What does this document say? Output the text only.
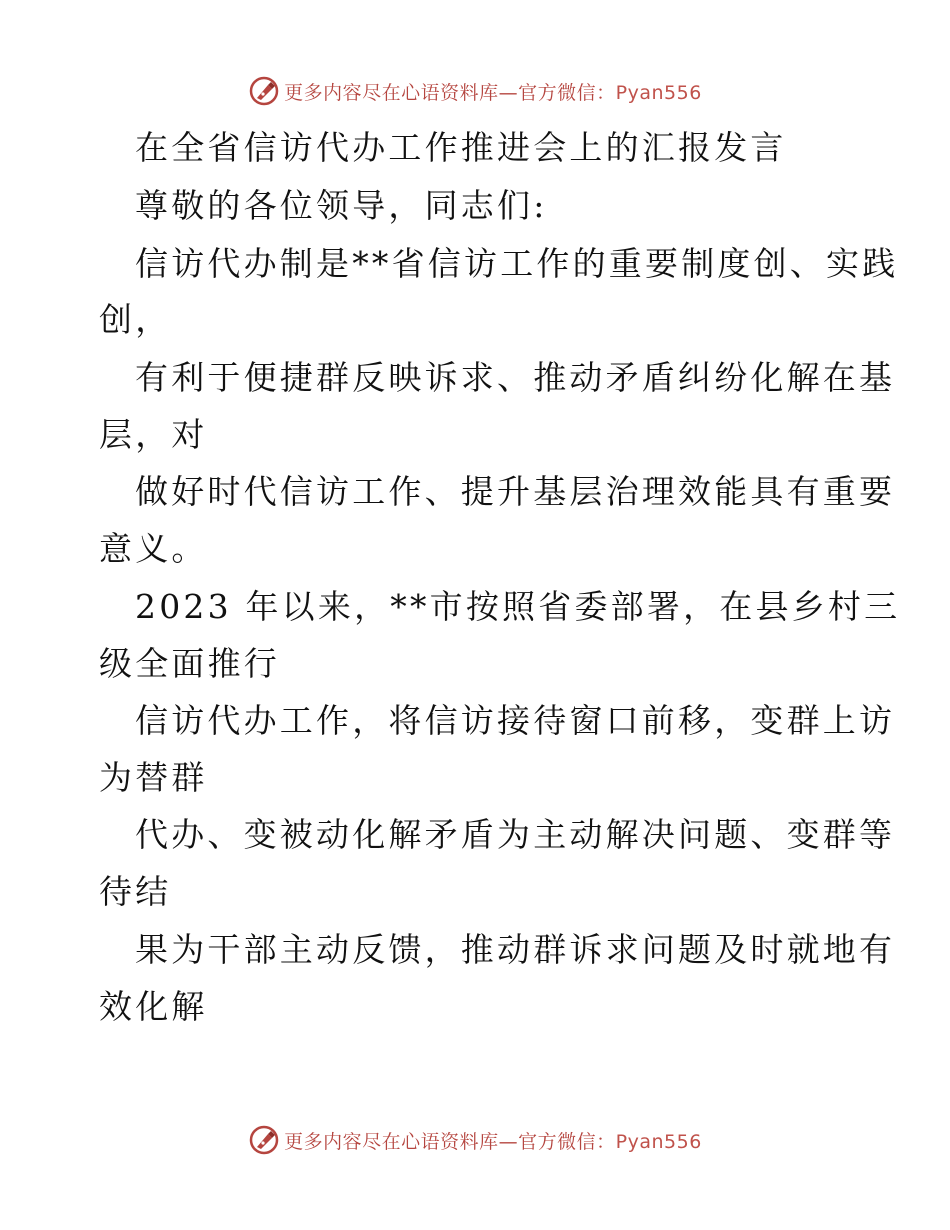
更多内容尽在心语资料库—官方微信：Pyan556
在全省信访代办工作推进会上的汇报发言
尊敬的各位领导，同志们:
信访代办制是**省信访工作的重要制度创、实践
创，
有利于便捷群反映诉求、推动矛盾纠纷化解在基
层，对
做好时代信访工作、提升基层治理效能具有重要
意义。
2023 年以来，**市按照省委部署，在县乡村三
级全面推行
信访代办工作，将信访接待窗口前移，变群上访
为替群
代办、变被动化解矛盾为主动解决问题、变群等
待结
果为干部主动反馈，推动群诉求问题及时就地有
效化解
更多内容尽在心语资料库—官方微信：Pyan556
